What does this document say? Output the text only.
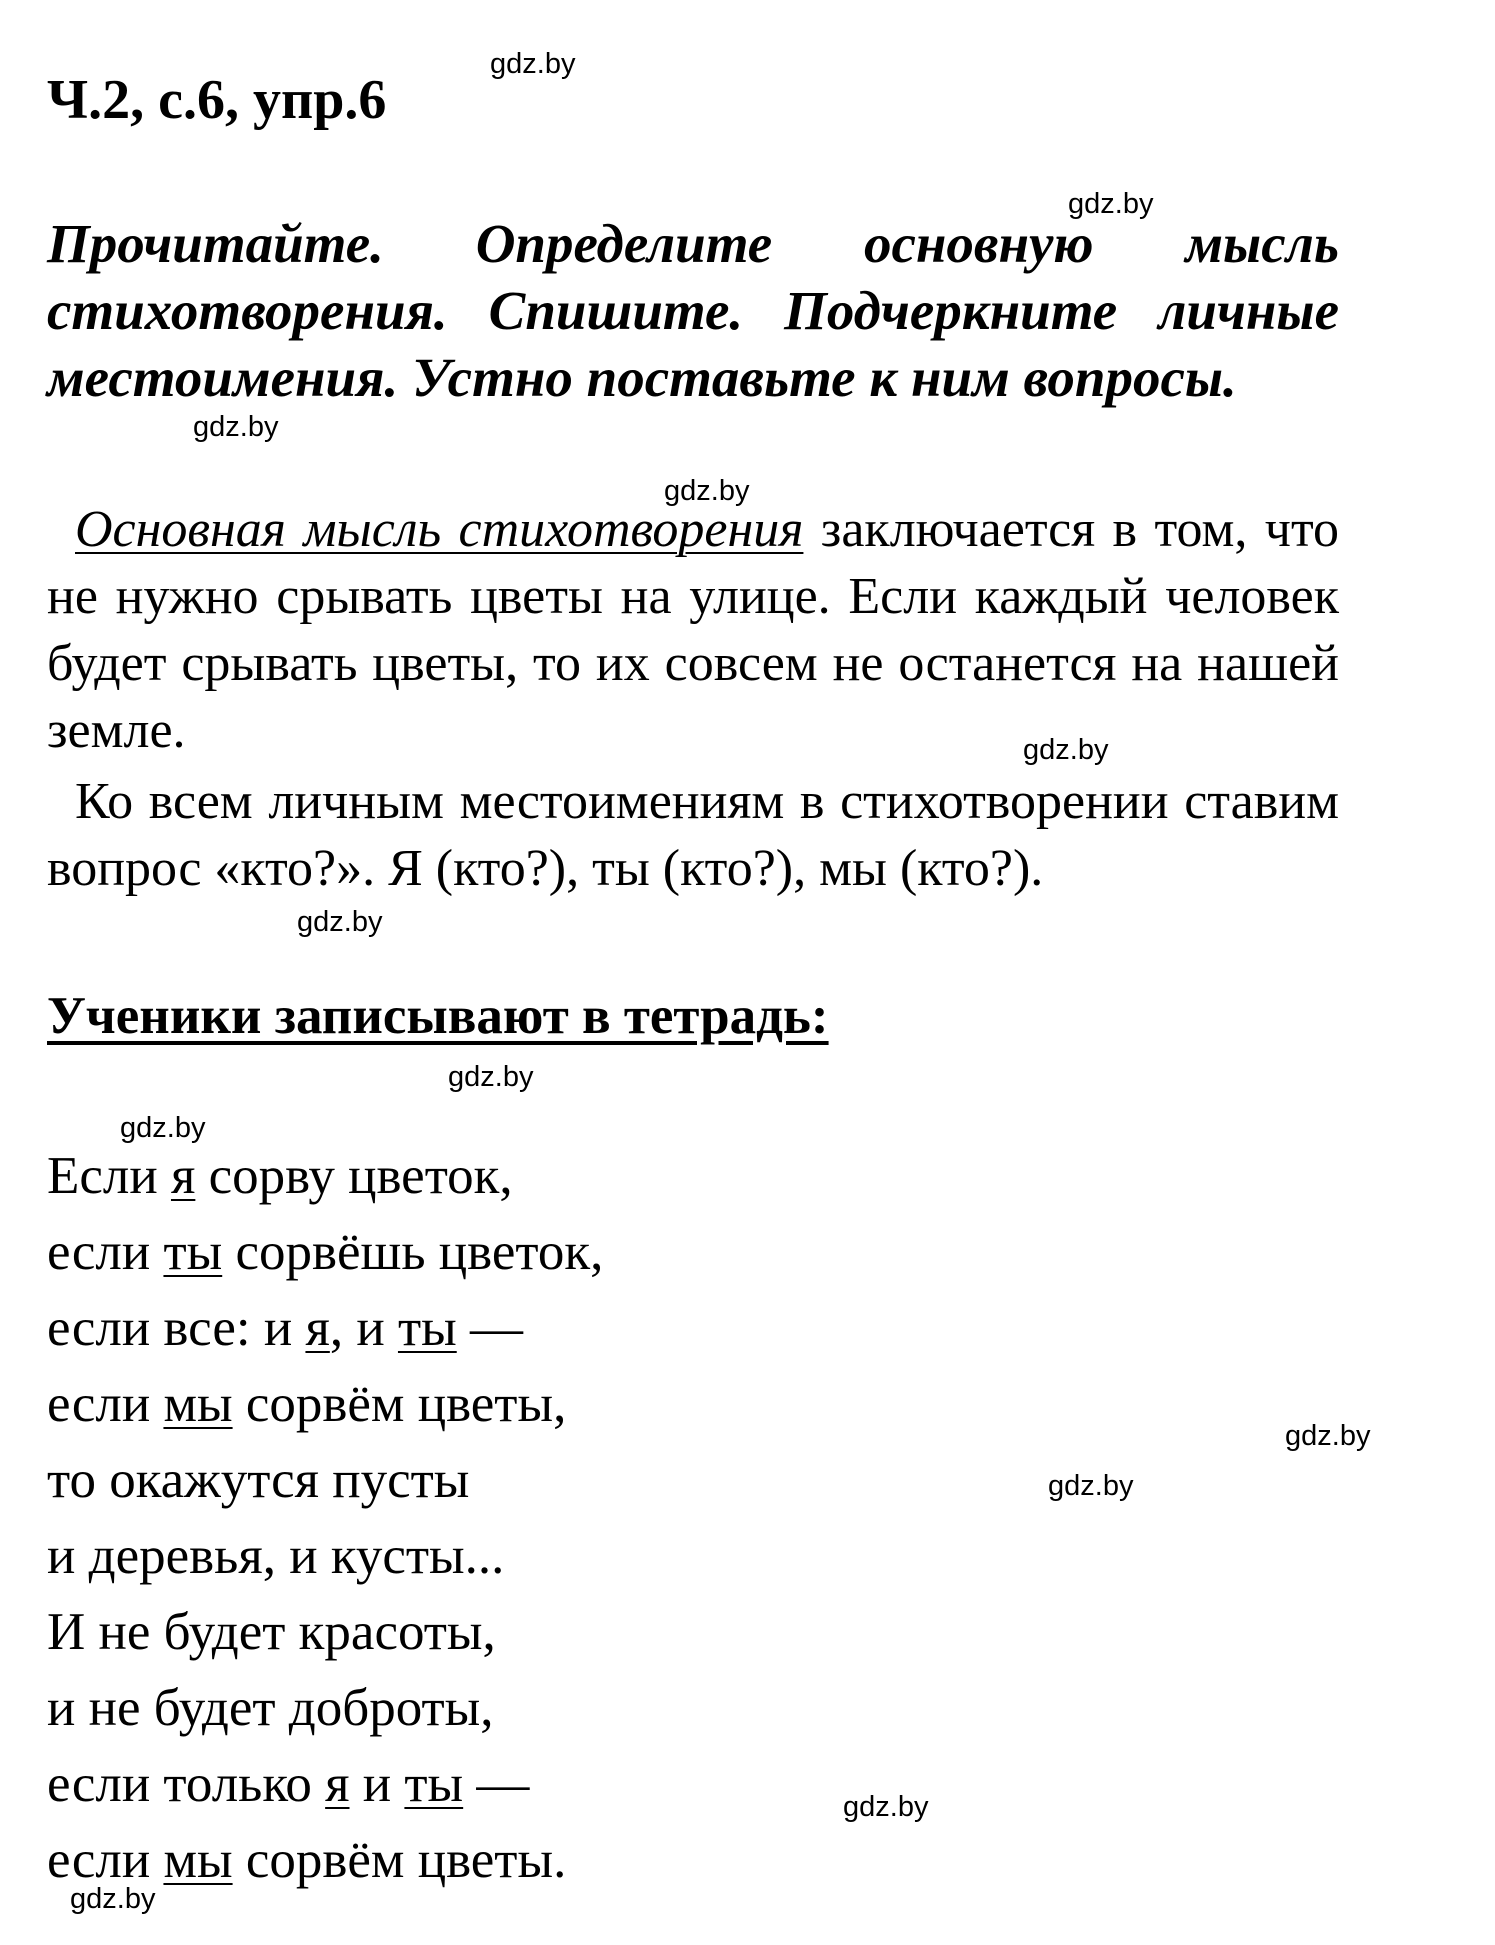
Ч.2, с.6, упр.6
gdz.by
gdz.by
gdz.by
gdz.by
gdz.by
gdz.by
gdz.by
gdz.by
gdz.by
gdz.by
gdz.by
gdz.by

Прочитайте. Определите основную мысль стихотворения. Спишите. Подчеркните личные местоимения. Устно поставьте к ним вопросы.

Основная мысль стихотворения заключается в том, что не нужно срывать цветы на улице. Если каждый человек будет срывать цветы, то их совсем не останется на нашей земле.

Ко всем личным местоимениям в стихотворении ставим вопрос «кто?». Я (кто?), ты (кто?), мы (кто?).

Ученики записывают в тетрадь:
Если я сорву цветок,
если ты сорвёшь цветок,
если все: и я, и ты —
если мы сорвём цветы,
то окажутся пусты
и деревья, и кусты...
И не будет красоты,
и не будет доброты,
если только я и ты —
если мы сорвём цветы.
